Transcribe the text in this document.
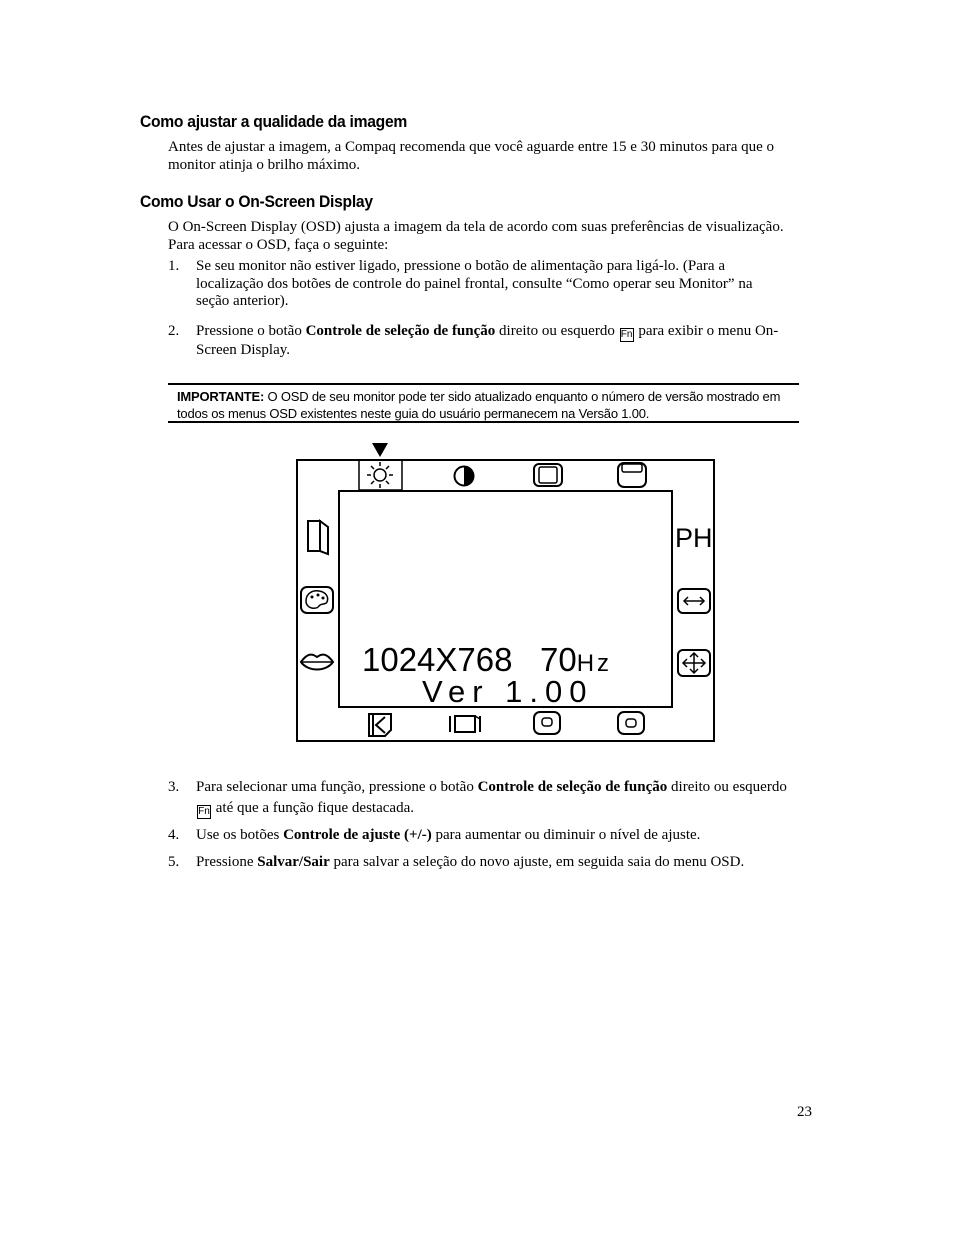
Como ajustar a qualidade da imagem
Antes de ajustar a imagem, a Compaq recomenda que você aguarde entre 15 e 30 minutos para que o
monitor atinja o brilho máximo.
Como Usar o On-Screen Display
O On-Screen Display (OSD) ajusta a imagem da tela de acordo com suas preferências de visualização.
Para acessar o OSD, faça o seguinte:
1. Se seu monitor não estiver ligado, pressione o botão de alimentação para ligá-lo. (Para a
localização dos botões de controle do painel frontal, consulte “Como operar seu Monitor” na
seção anterior).
2. Pressione o botão Controle de seleção de função direito ou esquerdo Fn para exibir o menu On-
Screen Display.
IMPORTANTE: O OSD de seu monitor pode ter sido atualizado enquanto o número de versão mostrado em
todos os menus OSD existentes neste guia do usuário permanecem na Versão 1.00.
PH
1024X768   70Hz
Ver 1.00
3. Para selecionar uma função, pressione o botão Controle de seleção de função direito ou esquerdo
Fn até que a função fique destacada.
4. Use os botões Controle de ajuste (+/-) para aumentar ou diminuir o nível de ajuste.
5. Pressione Salvar/Sair para salvar a seleção do novo ajuste, em seguida saia do menu OSD.
23
